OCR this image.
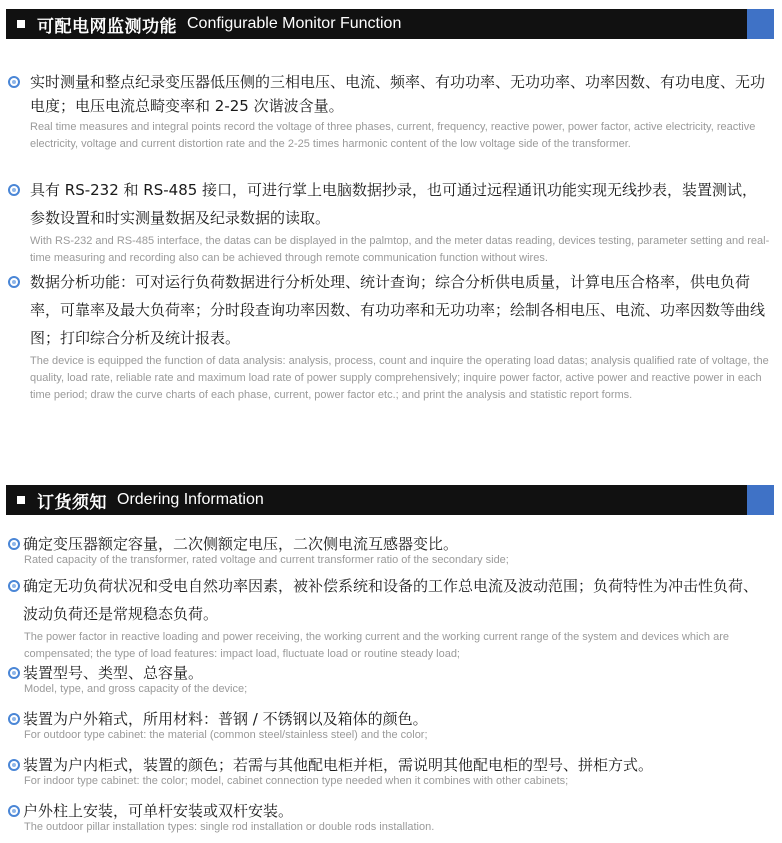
可配电网监测功能 Configurable Monitor Function
实时测量和整点纪录变压器低压侧的三相电压、电流、频率、有功功率、无功功率、功率因数、有功电度、无功电度；电压电流总畸变率和 2-25 次谐波含量。
Real time measures and integral points record the voltage of three phases, current, frequency, reactive power, power factor, active electricity, reactive electricity, voltage and current distortion rate and the 2-25 times harmonic content of the low voltage side of the transformer.
具有 RS-232 和 RS-485 接口，可进行掌上电脑数据抄录，也可通过远程通讯功能实现无线抄表，装置测试，参数设置和时实测量数据及纪录数据的读取。
With RS-232 and RS-485 interface, the datas can be displayed in the palmtop, and the meter datas reading, devices testing, parameter setting and real-time measuring and recording also can be achieved through remote communication function without wires.
数据分析功能：可对运行负荷数据进行分析处理、统计查询；综合分析供电质量，计算电压合格率，供电负荷率，可靠率及最大负荷率；分时段查询功率因数、有功功率和无功功率；绘制各相电压、电流、功率因数等曲线图；打印综合分析及统计报表。
The device is equipped the function of data analysis: analysis, process, count and inquire the operating load datas; analysis qualified rate of voltage, the quality, load rate, reliable rate and maximum load rate of power supply comprehensively; inquire power factor, active power and reactive power in each time period; draw the curve charts of each phase, current, power factor etc.; and print the analysis and statistic report forms.
订货须知 Ordering Information
确定变压器额定容量，二次侧额定电压，二次侧电流互感器变比。
Rated capacity of the transformer, rated voltage and current transformer ratio of the secondary side;
确定无功负荷状况和受电自然功率因素，被补偿系统和设备的工作总电流及波动范围；负荷特性为冲击性负荷、波动负荷还是常规稳态负荷。
The power factor in reactive loading and power receiving, the working current and the working current range of the system and devices which are compensated; the type of load features: impact load, fluctuate load or routine steady load;
装置型号、类型、总容量。
Model, type, and gross capacity of the device;
装置为户外箱式，所用材料：普钢 / 不锈钢以及箱体的颜色。
For outdoor type cabinet: the material (common steel/stainless steel) and the color;
装置为户内柜式，装置的颜色；若需与其他配电柜并柜，需说明其他配电柜的型号、拼柜方式。
For indoor type cabinet: the color; model, cabinet connection type needed when it combines with other cabinets;
户外柱上安装，可单杆安装或双杆安装。
The outdoor pillar installation types: single rod installation or double rods installation.
